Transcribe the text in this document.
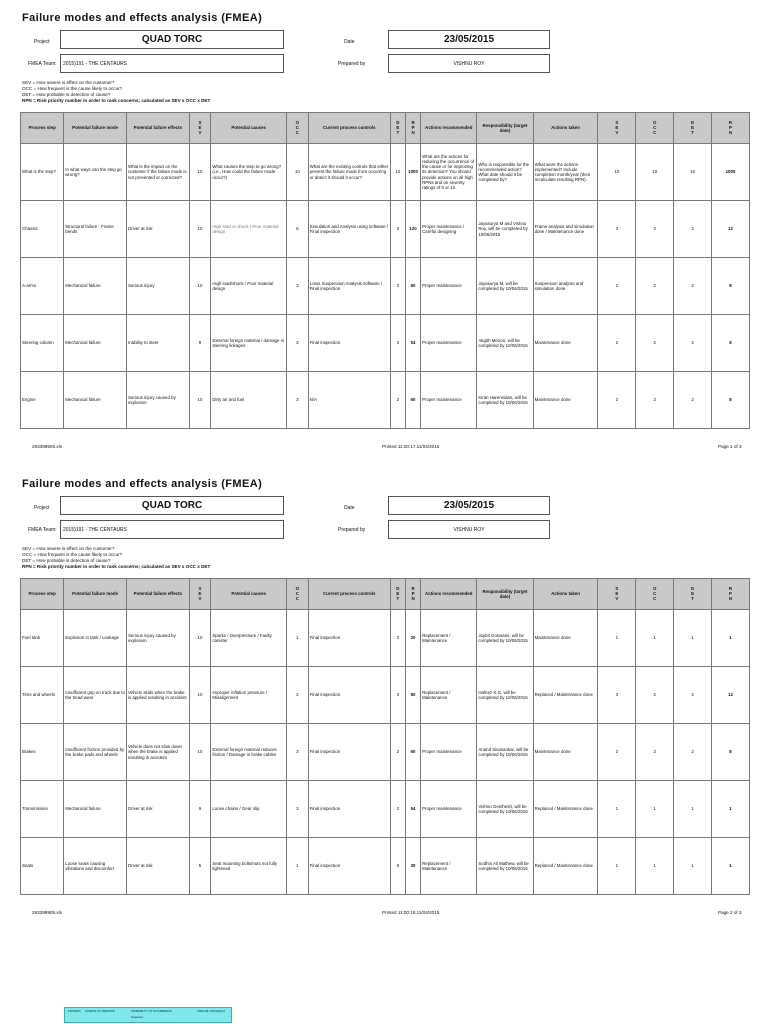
Failure modes and effects analysis (FMEA)
Project	QUAD TORC	Date	23/05/2015
FMEA Team:	2015)191 - THE CENTAURS	Prepared by	VISHNU ROY
SEV = How severe is effect on the customer?
OCC = How frequent is the cause likely to occur?
DET = How probable is detection of cause?
RPN = Risk priority number in order to rank concerns; calculated as SEV x OCC x DET
Process step	Potential failure mode	Potential failure effects	SEV	Potential causes	OCC	Current process controls	DET	RPN	Actions recommended	Responsibility (target date)	Actions taken	SEV	OCC	DET	RPN
What is the step?	In what ways can the step go wrong?	What is the impact on the customer if the failure mode is not prevented or corrected?	10	What causes the step to go wrong? (i.e., How could the failure mode occur?)	10	What are the existing controls that either prevent the failure mode from occurring or detect it should it occur?	10	1000	What are the actions for reducing the occurrence of the cause or for improving its detection? You should provide actions on all high RPNs and on severity ratings of 9 or 10.	Who is responsible for the recommended action? What date should it be completed by?	What were the actions implemented? Include completion month/year (then recalculate resulting RPN).	10	10	10	1000
Chassis	Structural failure - Frame bends	Driver at risk	10	High load or shock / Poor material design	6	Simulation and Analysis using software / Final inspection	2	120	Proper maintenance / Careful designing	Jayasurya M and Vishnu Roy, will be completed by 10/06/2015	Frame analysis and simulation done / Maintenance done	3	2	2	12
A-arms	Mechanical failure	Serious injury	10	High load/shock / Poor material design	3	Lotus Suspension Analysis software / Final inspection	2	60	Proper maintenance	Jayasurya M, will be completed by 10/06/2015	Suspension analysis and simulation done	2	2	2	8
Steering column	Mechanical failure	Inability to steer	9	External foreign material / damage in steering linkages	3	Final inspection	2	54	Proper maintenance	Akgith Menon, will be completed by 10/06/2015	Maintenance done	2	2	2	8
Engine	Mechanical failure	Serious injury caused by explosion	10	Dirty air and fuel	3	N/A	2	60	Proper maintenance	Kiran Harensidan, will be completed by 10/06/2015	Maintenance done	2	2	2	8
293398905.xls	Printed 11:00:17,11/04/2015	Page 1 of 3
Failure modes and effects analysis (FMEA)
Project	QUAD TORC	Date	23/05/2015
FMEA Team:	2015)191 - THE CENTAURS	Prepared by	VISHNU ROY
SEV = How severe is effect on the customer?
OCC = How frequent is the cause likely to occur?
DET = How probable is detection of cause?
RPN = Risk priority number in order to rank concerns; calculated as SEV x OCC x DET
Process step	Potential failure mode	Potential failure effects	SEV	Potential causes	OCC	Current process controls	DET	RPN	Actions recommended	Responsibility (target date)	Actions taken	SEV	OCC	DET	RPN
Fuel tank	Explosion in tank / Leakage	Serious injury caused by explosion	10	Sparks / Overpressure / Faulty canister	1	Final inspection	2	20	Replacement / Maintenance	Jaybit Goswami, will be completed by 10/06/2015	Maintenance done	1	1	1	1
Tires and wheels	Insufficient grip on track due to the tread wear	Vehicle skids when the brake is applied resulting in accident	10	Improper inflation pressure / Misalignment	2	Final inspection	3	60	Replacement / Maintenance	Hafeez K.G, will be completed by 10/06/2015	Replaced / Maintenance done	3	2	2	12
Brakes	Insufficient friction provided by the brake pads and wheels	Vehicle does not slow down when the brake is applied resulting in accident	10	External foreign material reduces friction / Damage in brake cables	3	Final inspection	2	60	Proper maintenance	Anand Sivasankar, will be completed by 10/06/2015	Maintenance done	2	2	2	8
Transmission	Mechanical failure	Driver at risk	9	Loose chains / Gear slip	3	Final inspection	2	54	Proper maintenance	Vishnu Geethesh, will be completed by 10/06/2015	Replaced / Maintenance done	1	1	1	1
Seats	Loose seats causing vibrations and discomfort	Driver at risk	5	Seat mounting bolts/nuts not fully tightened	1	Final inspection	6	30	Replacement / Maintenance	Sodhin Ali Mathew, will be completed by 10/06/2015	Replaced / Maintenance done	1	1	1	1
293398905.xls	Printed 11:00:18,11/04/2015	Page 2 of 3
PROCESS SOURCE OF VARIATION	PROBABILITY OF OCCURRENCE
Frequency
ANALYZE THE EFFECT
